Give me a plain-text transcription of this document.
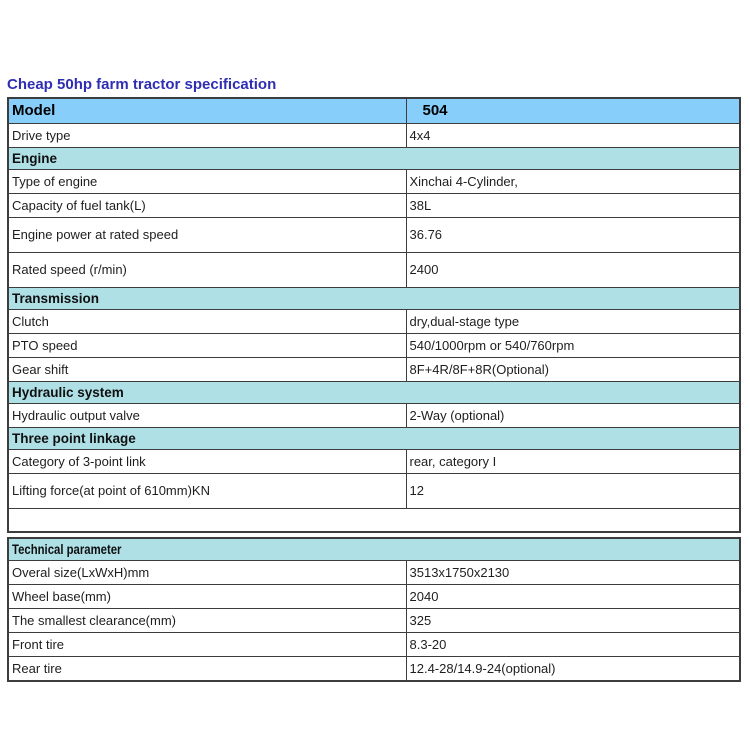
Cheap 50hp farm tractor specification
Model	504
Drive type	4x4
Engine	
Type of engine	Xinchai 4-Cylinder,
Capacity of fuel tank(L)	38L
Engine power at rated speed	36.76
Rated speed (r/min)	2400
Transmission	
Clutch	dry,dual-stage type
PTO speed	540/1000rpm or 540/760rpm
Gear shift	8F+4R/8F+8R(Optional)
Hydraulic system	
Hydraulic output valve	2-Way (optional)
Three point linkage	
Category of 3-point link	rear, category I
Lifting force(at point of 610mm)KN	12

Technical parameter	
Overal size(LxWxH)mm	3513x1750x2130
Wheel base(mm)	2040
The smallest clearance(mm)	325
Front tire	8.3-20
Rear tire	12.4-28/14.9-24(optional)
